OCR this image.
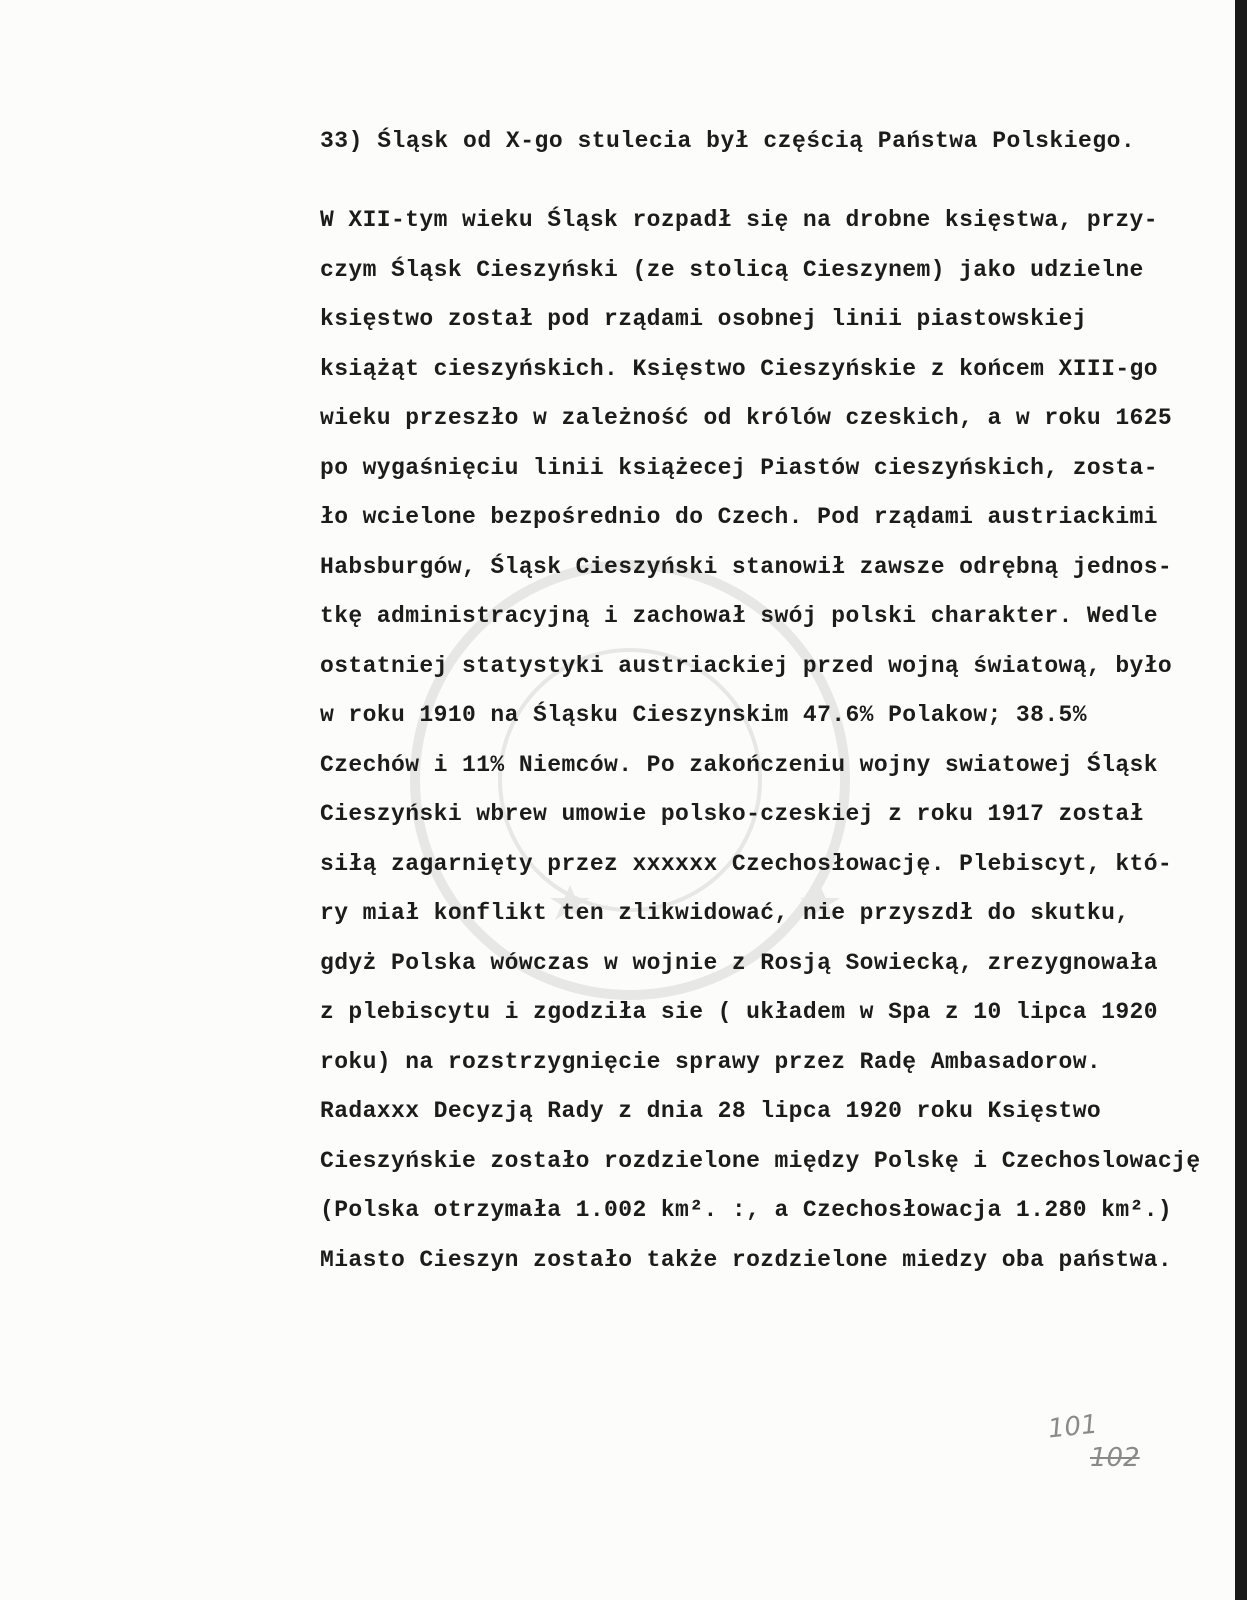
33) Śląsk od X-go stulecia był częścią Państwa Polskiego.
W XII-tym wieku Śląsk rozpadł się na drobne księstwa, przy-
czym Śląsk Cieszyński (ze stolicą Cieszynem) jako udzielne
księstwo został pod rządami osobnej linii piastowskiej
książąt cieszyńskich. Księstwo Cieszyńskie z końcem XIII-go
wieku przeszło w zależność od królów czeskich, a w roku 1625
po wygaśnięciu linii książecej Piastów cieszyńskich, zosta-
ło wcielone bezpośrednio do Czech. Pod rządami austriackimi
Habsburgów, Śląsk Cieszyński stanowił zawsze odrębną jednos-
tkę administracyjną i zachował swój polski charakter. Wedle
ostatniej statystyki austriackiej przed wojną światową, było
w roku 1910 na Śląsku Cieszynskim 47.6% Polakow; 38.5%
Czechów i 11% Niemców. Po zakończeniu wojny swiatowej Śląsk
Cieszyński wbrew umowie polsko-czeskiej z roku 1917 został
siłą zagarnięty przez xxxxxx Czechosłowację. Plebiscyt, któ-
ry miał konflikt ten zlikwidować, nie przyszdł do skutku,
gdyż Polska wówczas w wojnie z Rosją Sowiecką, zrezygnowała
z plebiscytu i zgodziła sie ( układem w Spa z 10 lipca 1920
roku) na rozstrzygnięcie sprawy przez Radę Ambasadorow.
Radaxxx Decyzją Rady z dnia 28 lipca 1920 roku Księstwo
Cieszyńskie zostało rozdzielone między Polskę i Czechoslowację
(Polska otrzymała 1.002 km². :, a Czechosłowacja 1.280 km².)
Miasto Cieszyn zostało także rozdzielone miedzy oba państwa.
101
102
